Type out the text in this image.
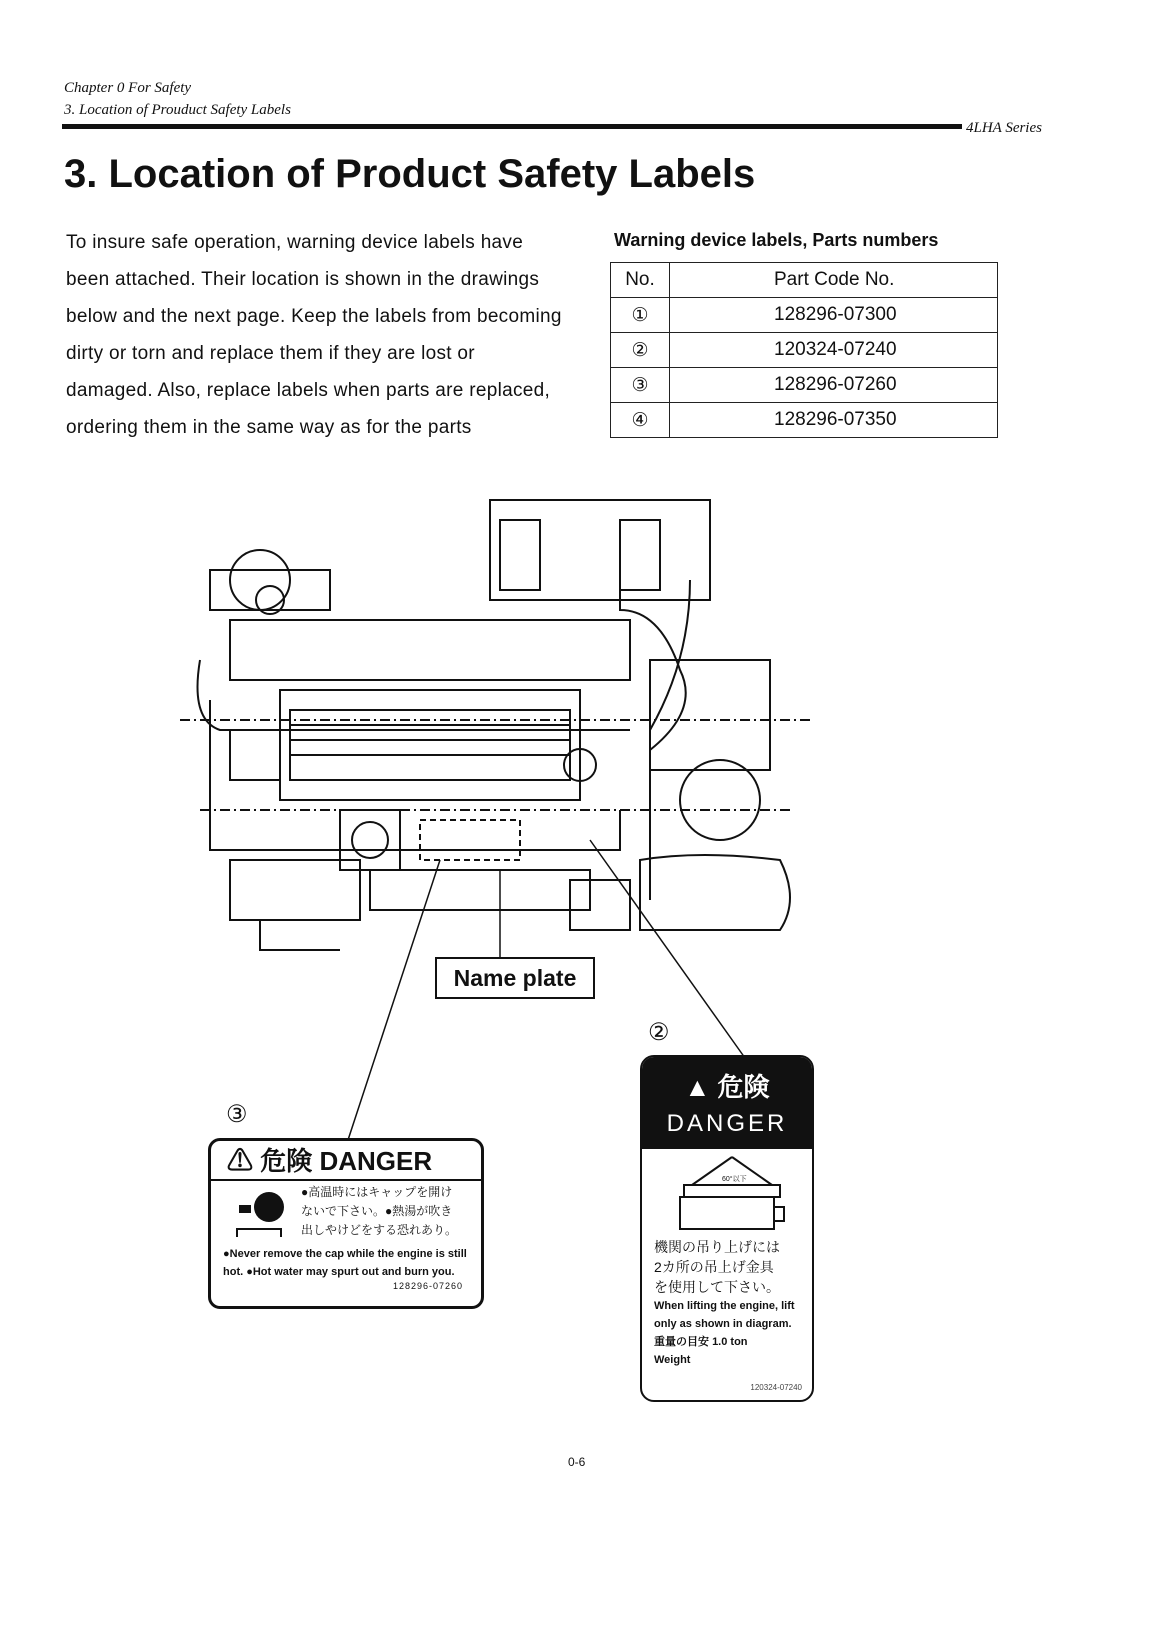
Chapter 0 For Safety
3. Location of Prouduct Safety Labels
4LHA Series
3. Location of Product Safety Labels
To insure safe operation, warning device labels have been attached. Their location is shown in the drawings below and the next page. Keep the labels from becoming dirty or torn and replace them if they are lost or damaged. Also, replace labels when parts are replaced, ordering them in the same way as for the parts
Warning device labels, Parts numbers
No.	Part Code No.
①	128296-07300
②	120324-07240
③	128296-07260
④	128296-07350
Name plate
②
③
⚠ 危険 DANGER
●高温時にはキャップを開け
ないで下さい。●熱湯が吹き
出しやけどをする恐れあり。
●Never remove the cap while the engine is still hot. ●Hot water may spurt out and burn you.
128296-07260
▲ 危険
DANGER
60°以下
機関の吊り上げには
2カ所の吊上げ金具
を使用して下さい。
When lifting the engine, lift only as shown in diagram.
重量の目安 1.0 ton
Weight
120324-07240
0-6
